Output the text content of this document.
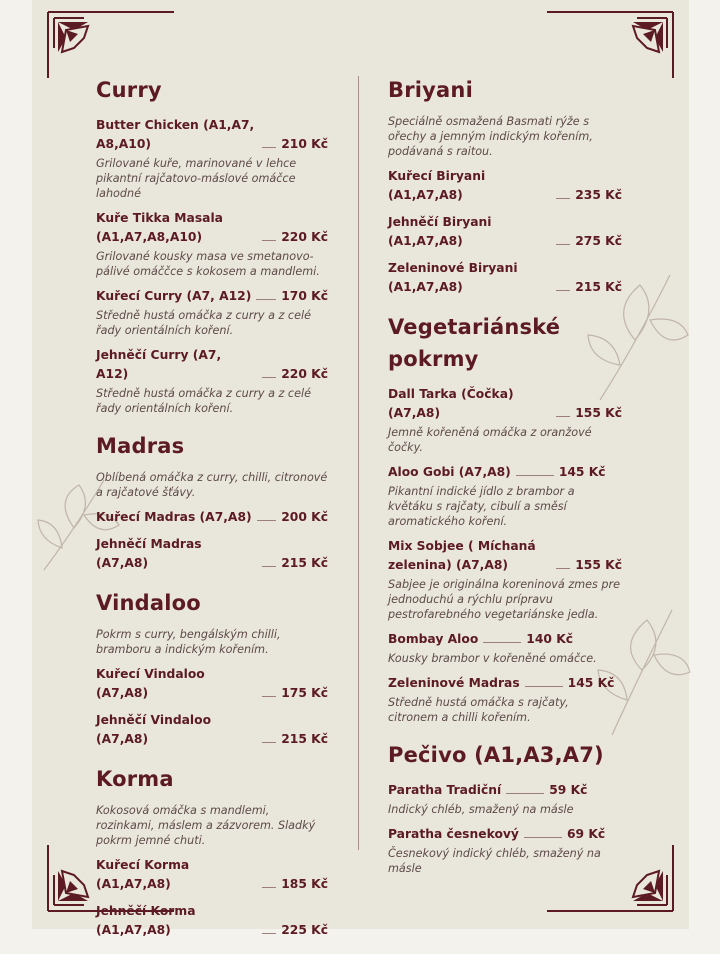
Curry
Butter Chicken (A1,A7, A8,A10)	210 Kč
Grilované kuře, marinované v lehce pikantní rajčatovo-máslové omáčce lahodné
Kuře Tikka Masala (A1,A7,A8,A10)	220 Kč
Grilované kousky masa ve smetanovo-pálivé omáččce s kokosem a mandlemi.
Kuřecí Curry (A7, A12) 170 Kč
Středně hustá omáčka z curry a z celé řady orientálních koření.
Jehněčí Curry (A7, A12)	220 Kč
Středně hustá omáčka z curry a z celé řady orientálních koření.
Madras
Oblíbená omáčka z curry, chilli, citronové a rajčatové šťávy.
Kuřecí Madras (A7,A8) 200 Kč
Jehněčí Madras (A7,A8)	215 Kč
Vindaloo
Pokrm s curry, bengálským chilli, bramboru a indickým kořením.
Kuřecí Vindaloo (A7,A8)	175 Kč
Jehněčí Vindaloo (A7,A8)	215 Kč
Korma
Kokosová omáčka s mandlemi, rozinkami, máslem a zázvorem. Sladký pokrm jemné chuti.
Kuřecí Korma (A1,A7,A8)	185 Kč
Jehněčí Korma (A1,A7,A8)	225 Kč
Briyani
Speciálně osmažená Basmati rýže s ořechy a jemným indickým kořením, podávaná s raitou.
Kuřecí Biryani (A1,A7,A8)	235 Kč
Jehněčí Biryani (A1,A7,A8)	275 Kč
Zeleninové Biryani (A1,A7,A8)	215 Kč
Vegetariánské pokrmy
Dall Tarka (Čočka) (A7,A8)	155 Kč
Jemně kořeněná omáčka z oranžové čočky.
Aloo Gobi (A7,A8)	145 Kč
Pikantní indické jídlo z brambor a květáku s rajčaty, cibulí a směsí aromatického koření.
Mix Sobjee ( Míchaná zelenina) (A7,A8)	155 Kč
Sabjee je originálna koreninová zmes pre jednoduchú a rýchlu prípravu pestrofarebného vegetariánske jedla.
Bombay Aloo	140 Kč
Kousky brambor v kořeněné omáčce.
Zeleninové Madras	145 Kč
Středně hustá omáčka s rajčaty, citronem a chilli kořením.
Pečivo (A1,A3,A7)
Paratha Tradiční	59 Kč
Indický chléb, smažený na másle
Paratha česnekový	69 Kč
Česnekový indický chléb, smažený na másle
